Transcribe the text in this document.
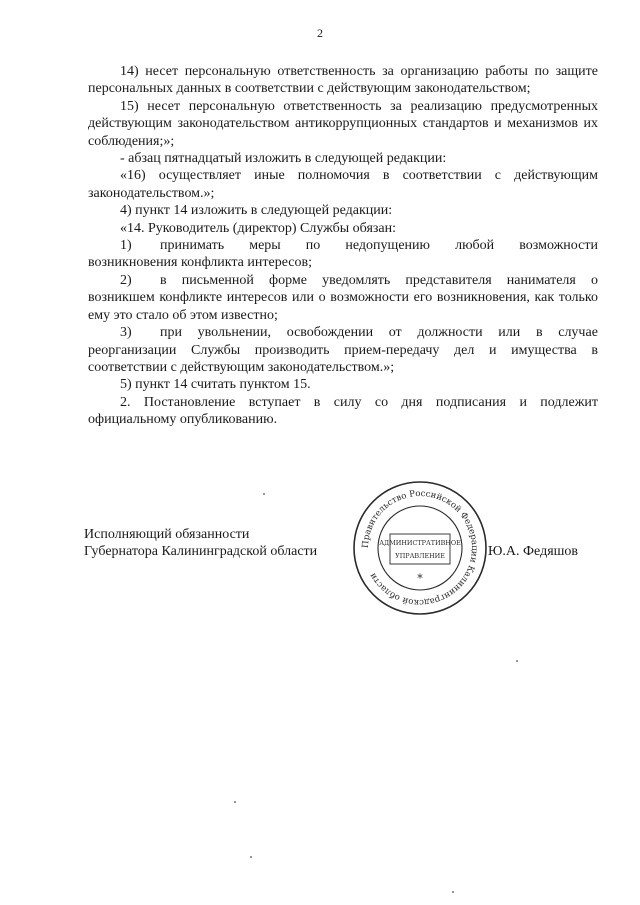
2

14) несет персональную ответственность за организацию работы по защите персональных данных в соответствии с действующим законодательством;

15) несет персональную ответственность за реализацию предусмотренных действующим законодательством антикоррупционных стандартов и механизмов их соблюдения;»;

- абзац пятнадцатый изложить в следующей редакции:

«16) осуществляет иные полномочия в соответствии с действующим законодательством.»;

4) пункт 14 изложить в следующей редакции:

«14. Руководитель (директор) Службы обязан:

1)	принимать меры по недопущению любой возможности

возникновения конфликта интересов;

2)	в письменной форме уведомлять представителя нанимателя о

возникшем конфликте интересов или о возможности его возникновения, как только ему это стало об этом известно;

3)	при увольнении, освобождении от должности или в случае

реорганизации Службы производить прием-передачу дел и имущества в соответствии с действующим законодательством.»;

5) пункт 14 считать пунктом 15.

2. Постановление вступает в силу со дня подписания и подлежит официальному опубликованию.

Исполняющий обязанности
Губернатора Калининградской области
Правительство Российской Федерации Калининградской области
АДМИНИСТРАТИВНОЕ
УПРАВЛЕНИЕ
*
Ю.А. Федяшов
